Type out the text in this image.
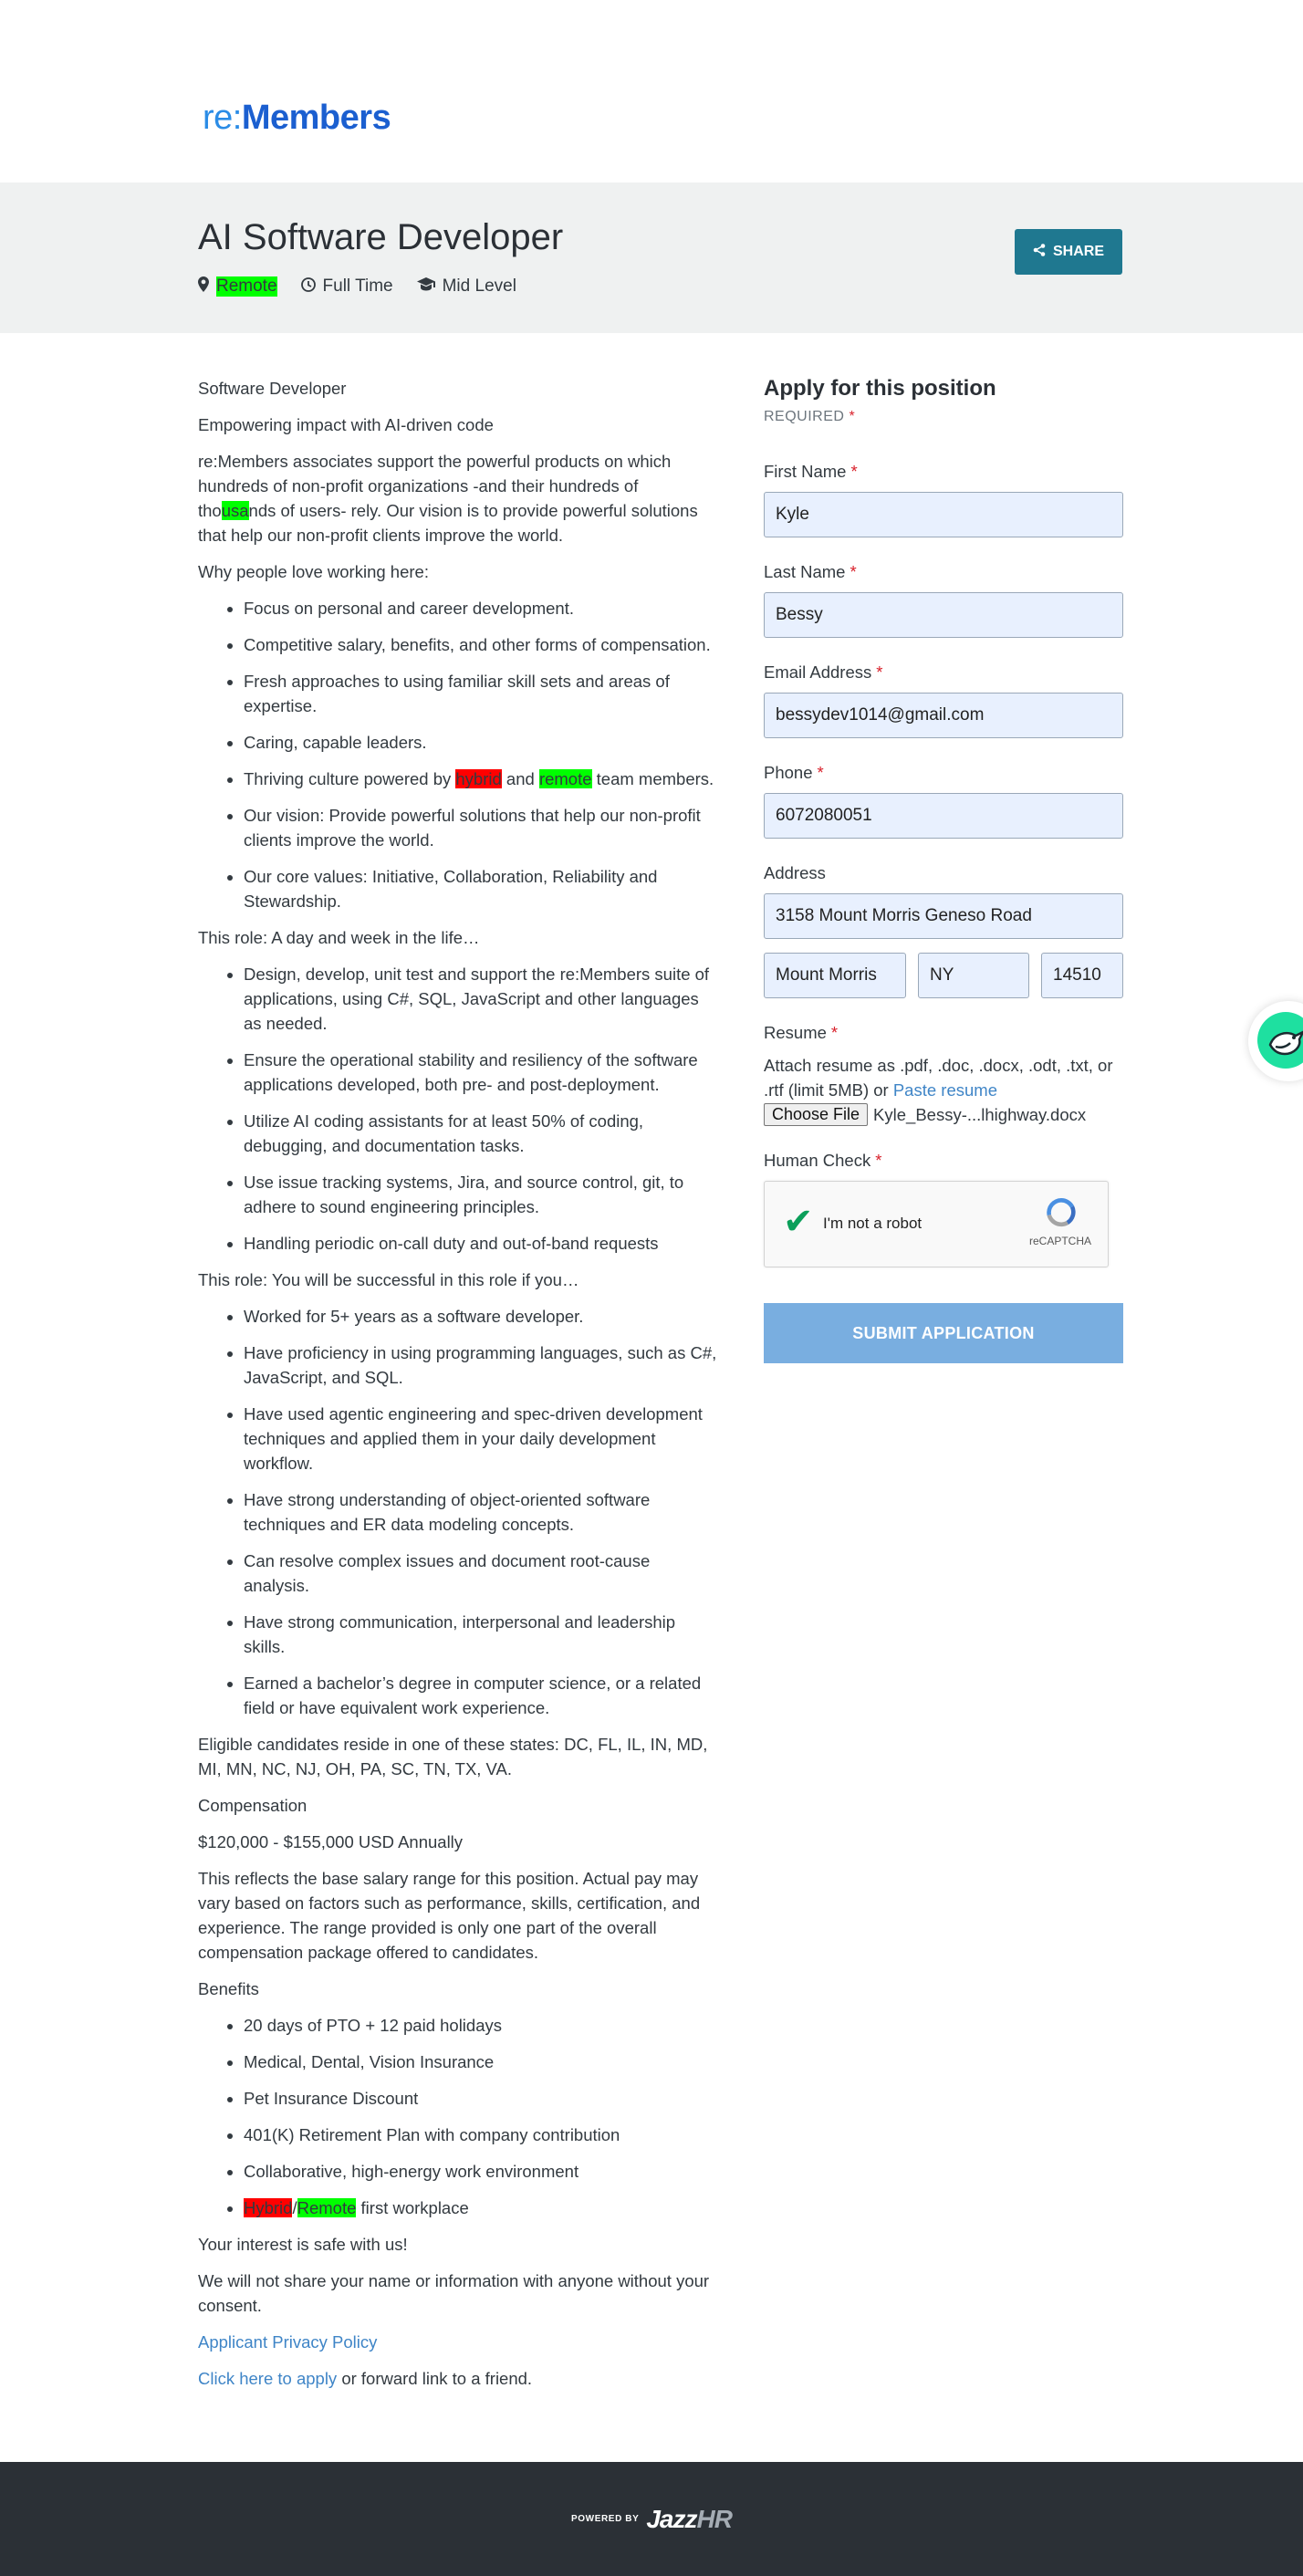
re:Members
AI Software Developer
Remote	Full Time	Mid Level
SHARE

Software Developer

Empowering impact with AI-driven code

re:Members associates support the powerful products on which hundreds of non-profit organizations -and their hundreds of thousands of users- rely. Our vision is to provide powerful solutions that help our non-profit clients improve the world.

Why people love working here:

• Focus on personal and career development.
• Competitive salary, benefits, and other forms of compensation.
• Fresh approaches to using familiar skill sets and areas of expertise.
• Caring, capable leaders.
• Thriving culture powered by hybrid and remote team members.
• Our vision: Provide powerful solutions that help our non-profit clients improve the world.
• Our core values: Initiative, Collaboration, Reliability and Stewardship.

This role: A day and week in the life…

• Design, develop, unit test and support the re:Members suite of applications, using C#, SQL, JavaScript and other languages as needed.
• Ensure the operational stability and resiliency of the software applications developed, both pre- and post-deployment.
• Utilize AI coding assistants for at least 50% of coding, debugging, and documentation tasks.
• Use issue tracking systems, Jira, and source control, git, to adhere to sound engineering principles.
• Handling periodic on-call duty and out-of-band requests

This role: You will be successful in this role if you…

• Worked for 5+ years as a software developer.
• Have proficiency in using programming languages, such as C#, JavaScript, and SQL.
• Have used agentic engineering and spec-driven development techniques and applied them in your daily development workflow.
• Have strong understanding of object-oriented software techniques and ER data modeling concepts.
• Can resolve complex issues and document root-cause analysis.
• Have strong communication, interpersonal and leadership skills.
• Earned a bachelor’s degree in computer science, or a related field or have equivalent work experience.

Eligible candidates reside in one of these states: DC, FL, IL, IN, MD, MI, MN, NC, NJ, OH, PA, SC, TN, TX, VA.

Compensation

$120,000 - $155,000 USD Annually

This reflects the base salary range for this position. Actual pay may vary based on factors such as performance, skills, certification, and experience. The range provided is only one part of the overall compensation package offered to candidates.

Benefits

• 20 days of PTO + 12 paid holidays
• Medical, Dental, Vision Insurance
• Pet Insurance Discount
• 401(K) Retirement Plan with company contribution
• Collaborative, high-energy work environment
• Hybrid/Remote first workplace

Your interest is safe with us!

We will not share your name or information with anyone without your consent.

Applicant Privacy Policy

Click here to apply or forward link to a friend.

Apply for this position
REQUIRED *
First Name *
Kyle
Last Name *
Bessy
Email Address *
bessydev1014@gmail.com
Phone *
6072080051
Address
3158 Mount Morris Geneso Road
Mount Morris	NY	14510
Resume *
Attach resume as .pdf, .doc, .docx, .odt, .txt, or .rtf (limit 5MB) or Paste resume
Choose File Kyle_Bessy-...lhighway.docx
Human Check *
✔ I'm not a robot
reCAPTCHA
SUBMIT APPLICATION
POWERED BY JazzHR
